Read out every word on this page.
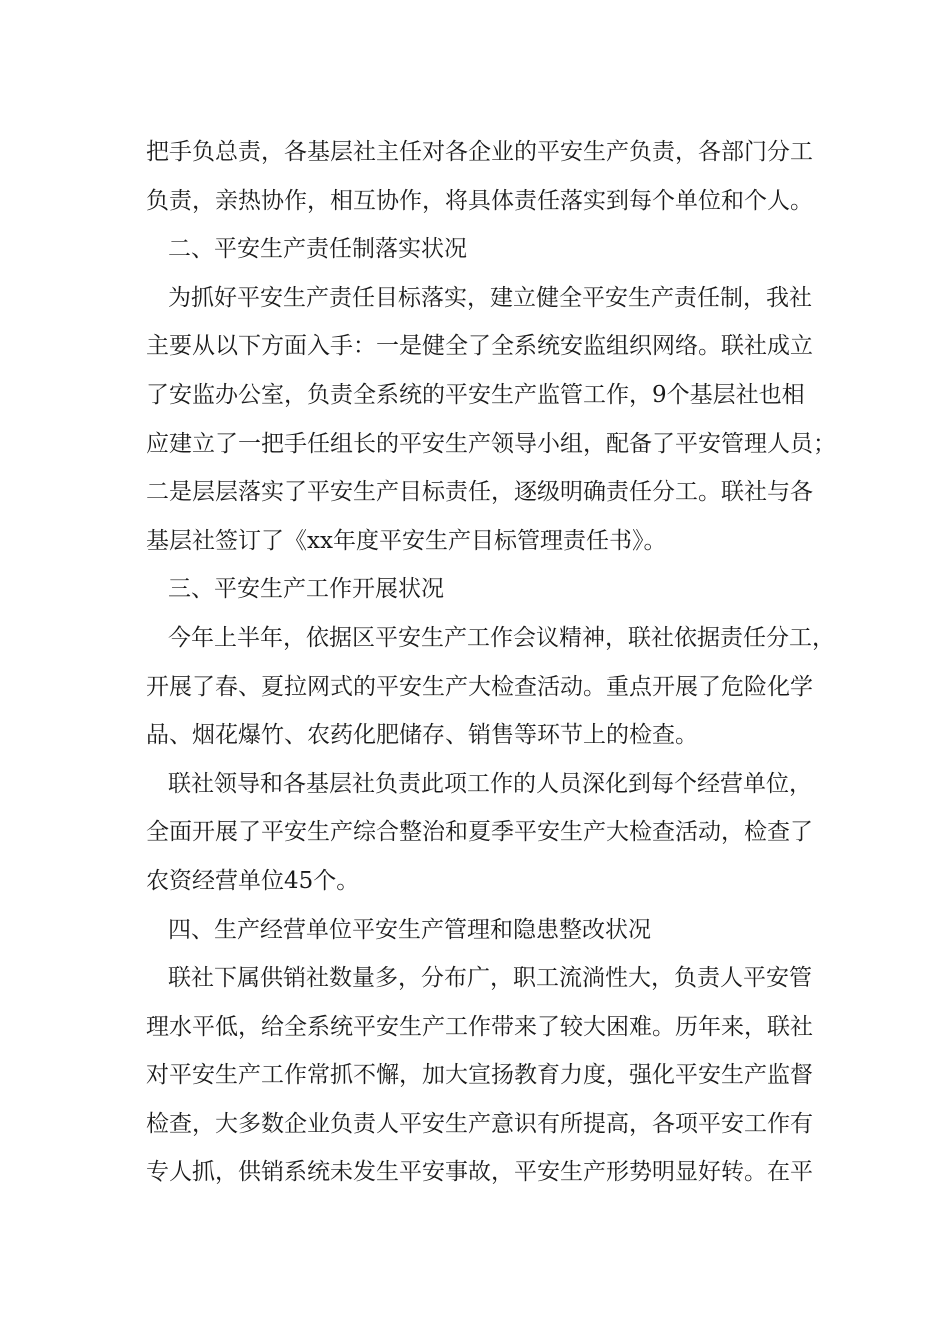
把手负总责，各基层社主任对各企业的平安生产负责，各部门分工
负责，亲热协作，相互协作，将具体责任落实到每个单位和个人。
二、平安生产责任制落实状况
为抓好平安生产责任目标落实，建立健全平安生产责任制，我社
主要从以下方面入手：一是健全了全系统安监组织网络。联社成立
了安监办公室，负责全系统的平安生产监管工作，9个基层社也相
应建立了一把手任组长的平安生产领导小组，配备了平安管理人员；
二是层层落实了平安生产目标责任，逐级明确责任分工。联社与各
基层社签订了《xx年度平安生产目标管理责任书》。
三、平安生产工作开展状况
今年上半年，依据区平安生产工作会议精神，联社依据责任分工，
开展了春、夏拉网式的平安生产大检查活动。重点开展了危险化学
品、烟花爆竹、农药化肥储存、销售等环节上的检查。
联社领导和各基层社负责此项工作的人员深化到每个经营单位，
全面开展了平安生产综合整治和夏季平安生产大检查活动，检查了
农资经营单位45个。
四、生产经营单位平安生产管理和隐患整改状况
联社下属供销社数量多，分布广，职工流淌性大，负责人平安管
理水平低，给全系统平安生产工作带来了较大困难。历年来，联社
对平安生产工作常抓不懈，加大宣扬教育力度，强化平安生产监督
检查，大多数企业负责人平安生产意识有所提高，各项平安工作有
专人抓，供销系统未发生平安事故，平安生产形势明显好转。在平
